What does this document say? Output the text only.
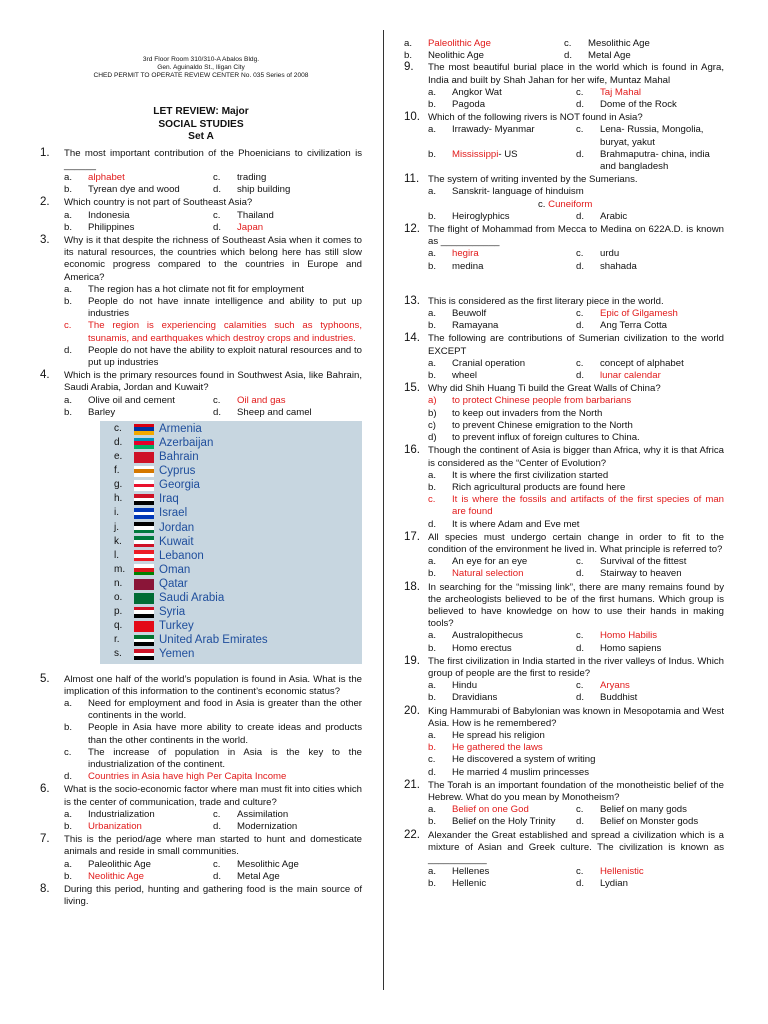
3rd Floor Room 310/310-A Abalos Bldg.
Gen. Aguinaldo St., Iligan City
CHED PERMIT TO OPERATE REVIEW CENTER No. 035 Series of 2008
LET REVIEW: Major
SOCIAL STUDIES
Set A
1. The most important contribution of the Phoenicians to civilization is ______
a. alphabet	c. trading
b. Tyrean dye and wood	d. ship building
2. Which country is not part of Southeast Asia?
a. Indonesia	c. Thailand
b. Philippines	d. Japan
3. Why is it that despite the richness of Southeast Asia when it comes to its natural resources, the countries which belong here has still slow economic progress compared to the countries in Europe and America?
a. The region has a hot climate not fit for employment
b. People do not have innate intelligence and ability to put up industries
c. The region is experiencing calamities such as typhoons, tsunamis, and earthquakes which destroy crops and industries.
d. People do not have the ability to exploit natural resources and to put up industries
4. Which is the primary resources found in Southwest Asia, like Bahrain, Saudi Arabia, Jordan and Kuwait?
a. Olive oil and cement	c. Oil and gas
b. Barley	d. Sheep and camel
c.	Armenia
d.	Azerbaijan
e.	Bahrain
f.	Cyprus
g.	Georgia
h.	Iraq
i.	Israel
j.	Jordan
k.	Kuwait
l.	Lebanon
m.	Oman
n.	Qatar
o.	Saudi Arabia
p.	Syria
q.	Turkey
r.	United Arab Emirates
s.	Yemen
5. Almost one half of the world’s population is found in Asia. What is the implication of this information to the continent’s economic status?
a. Need for employment and food in Asia is greater than the other continents in the world.
b. People in Asia have more ability to create ideas and products than the other continents in the world.
c. The increase of population in Asia is the key to the industrialization of the continent.
d. Countries in Asia have high Per Capita Income
6. What is the socio-economic factor where man must fit into cities which is the center of communication, trade and culture?
a. Industrialization	c. Assimilation
b. Urbanization	d. Modernization
7. This is the period/age where man started to hunt and domesticate animals and reside in small communities.
a. Paleolithic Age	c. Mesolithic Age
b. Neolithic Age	d. Metal Age
8. During this period, hunting and gathering food is the main source of living.
a. Paleolithic Age	c. Mesolithic Age
b. Neolithic Age	d. Metal Age
9. The most beautiful burial place in the world which is found in Agra, India and built by Shah Jahan for her wife, Muntaz Mahal
a. Angkor Wat	c. Taj Mahal
b. Pagoda	d. Dome of the Rock
10. Which of the following rivers is NOT found in Asia?
a. Irrawady- Myanmar	c. Lena- Russia, Mongolia, buryat, yakut
b. Mississippi- US	d. Brahmaputra- china, india and bangladesh
11. The system of writing invented by the Sumerians.
a. Sanskrit- language of hinduism
c. Cuneiform
b. Heiroglyphics	d. Arabic
12. The flight of Mohammad from Mecca to Medina on 622A.D. is known as ___________
a. hegira	c. urdu
b. medina	d. shahada
13. This is considered as the first literary piece in the world.
a. Beuwolf	c. Epic of Gilgamesh
b. Ramayana	d. Ang Terra Cotta
14. The following are contributions of Sumerian civilization to the world EXCEPT
a. Cranial operation	c. concept of alphabet
b. wheel	d. lunar calendar
15. Why did Shih Huang Ti build the Great Walls of China?
a) to protect Chinese people from barbarians
b) to keep out invaders from the North
c) to prevent Chinese emigration to the North
d) to prevent influx of foreign cultures to China.
16. Though the continent of Asia is bigger than Africa, why it is that Africa is considered as the “Center of Evolution?
a. It is where the first civilization started
b. Rich agricultural products are found here
c. It is where the fossils and artifacts of the first species of man are found
d. It is where Adam and Eve met
17. All species must undergo certain change in order to fit to the condition of the environment he lived in. What principle is referred to?
a. An eye for an eye	c. Survival of the fittest
b. Natural selection	d. Stairway to heaven
18. In searching for the “missing link”, there are many remains found by the archeologists believed to be of the first humans. Which group is believed to have knowledge on how to use their hands in making tools?
a. Australopithecus	c. Homo Habilis
b. Homo erectus	d. Homo sapiens
19. The first civilization in India started in the river valleys of Indus. Which group of people are the first to reside?
a. Hindu	c. Aryans
b. Dravidians	d. Buddhist
20. King Hammurabi of Babylonian was known in Mesopotamia and West Asia. How is he remembered?
a. He spread his religion
b. He gathered the laws
c. He discovered a system of writing
d. He married 4 muslim princesses
21. The Torah is an important foundation of the monotheistic belief of the Hebrew. What do you mean by Monotheism?
a. Belief on one God	c. Belief on many gods
b. Belief on the Holy Trinity	d. Belief on Monster gods
22. Alexander the Great established and spread a civilization which is a mixture of Asian and Greek culture. The civilization is known as ___________
a. Hellenes	c. Hellenistic
b. Hellenic	d. Lydian
